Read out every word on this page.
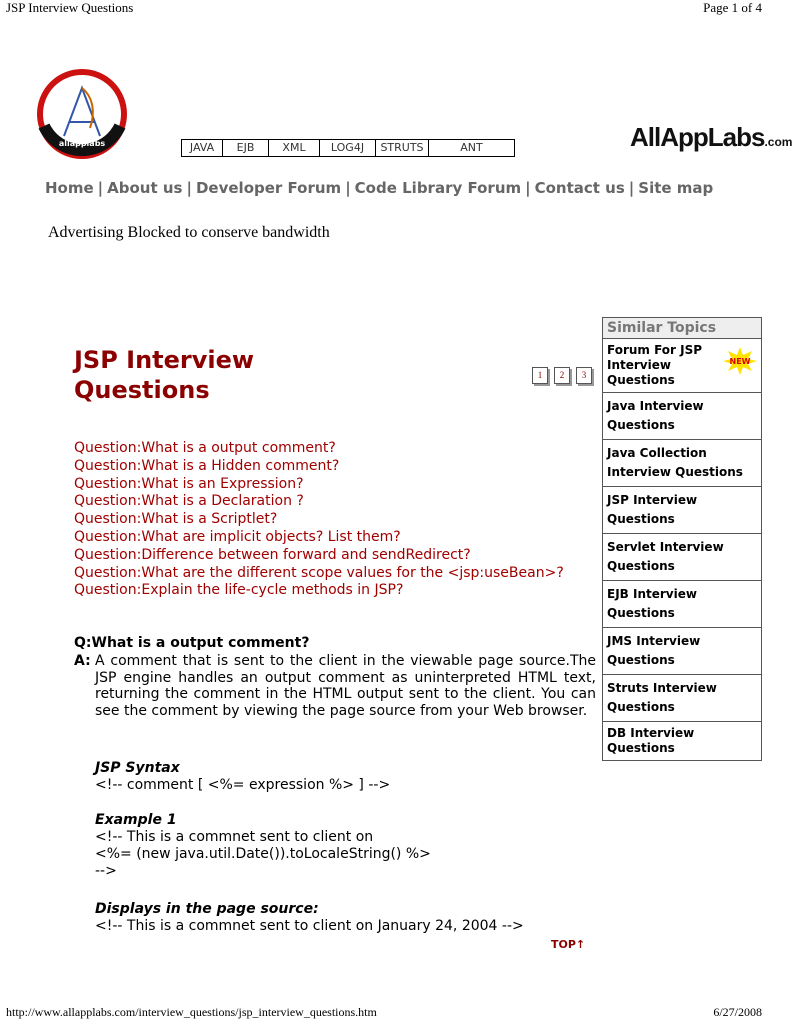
JSP Interview Questions	Page 1 of 4
http://www.allapplabs.com/interview_questions/jsp_interview_questions.htm	6/27/2008
allapplabs	JAVA	EJB	XML	LOG4J	STRUTS	ANT	AllAppLabs.com
Home | About us | Developer Forum | Code Library Forum | Contact us | Site map
Advertising Blocked to conserve bandwidth
JSP Interview Questions
1	2	3
Question: What is a output comment?
Question: What is a Hidden comment?
Question: What is an Expression?
Question: What is a Declaration ?
Question: What is a Scriptlet?
Question: What are implicit objects? List them?
Question: Difference between forward and sendRedirect?
Question: What are the different scope values for the <jsp:useBean>?
Question: Explain the life-cycle methods in JSP?
Q:What is a output comment?
A: A comment that is sent to the client in the viewable page source.The JSP engine handles an output comment as uninterpreted HTML text, returning the comment in the HTML output sent to the client. You can see the comment by viewing the page source from your Web browser.
JSP Syntax
<!-- comment [ <%= expression %> ] -->
Example 1
<!-- This is a commnet sent to client on
<%= (new java.util.Date()).toLocaleString() %>
-->
Displays in the page source:
<!-- This is a commnet sent to client on January 24, 2004 -->
TOP↑
Similar Topics
Forum For JSP Interview Questions
NEW
Java Interview Questions
Java Collection Interview Questions
JSP Interview Questions
Servlet Interview Questions
EJB Interview Questions
JMS Interview Questions
Struts Interview Questions
DB Interview Questions
